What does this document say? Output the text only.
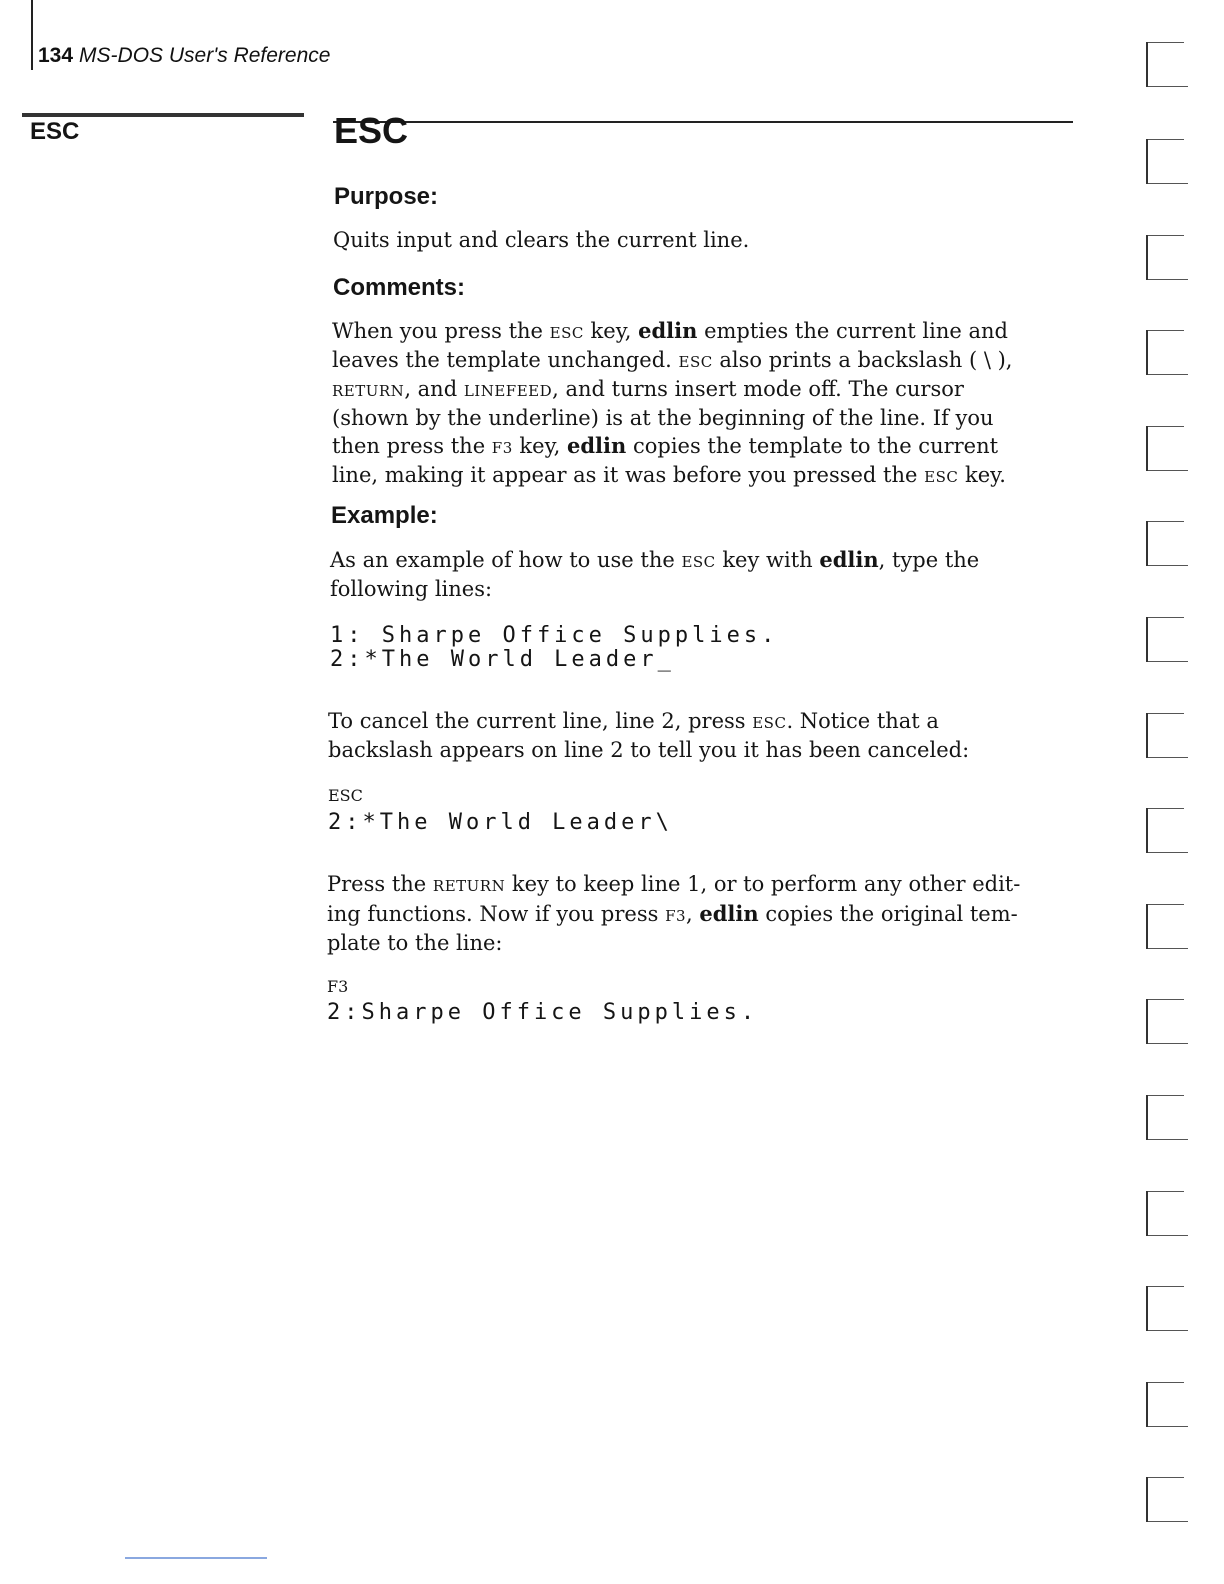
134 MS-DOS User's Reference
ESC	ESC
Purpose:
Quits input and clears the current line.
Comments:
When you press the ESC key, edlin empties the current line and
leaves the template unchanged. ESC also prints a backslash ( \ ),
RETURN, and LINEFEED, and turns insert mode off. The cursor
(shown by the underline) is at the beginning of the line. If you
then press the F3 key, edlin copies the template to the current
line, making it appear as it was before you pressed the ESC key.
Example:
As an example of how to use the ESC key with edlin, type the
following lines:
1: Sharpe Office Supplies.
2:*The World Leader_
To cancel the current line, line 2, press ESC. Notice that a
backslash appears on line 2 to tell you it has been canceled:
ESC
2:*The World Leader\
Press the RETURN key to keep line 1, or to perform any other edit-
ing functions. Now if you press F3, edlin copies the original tem-
plate to the line:
F3
2:Sharpe Office Supplies.
